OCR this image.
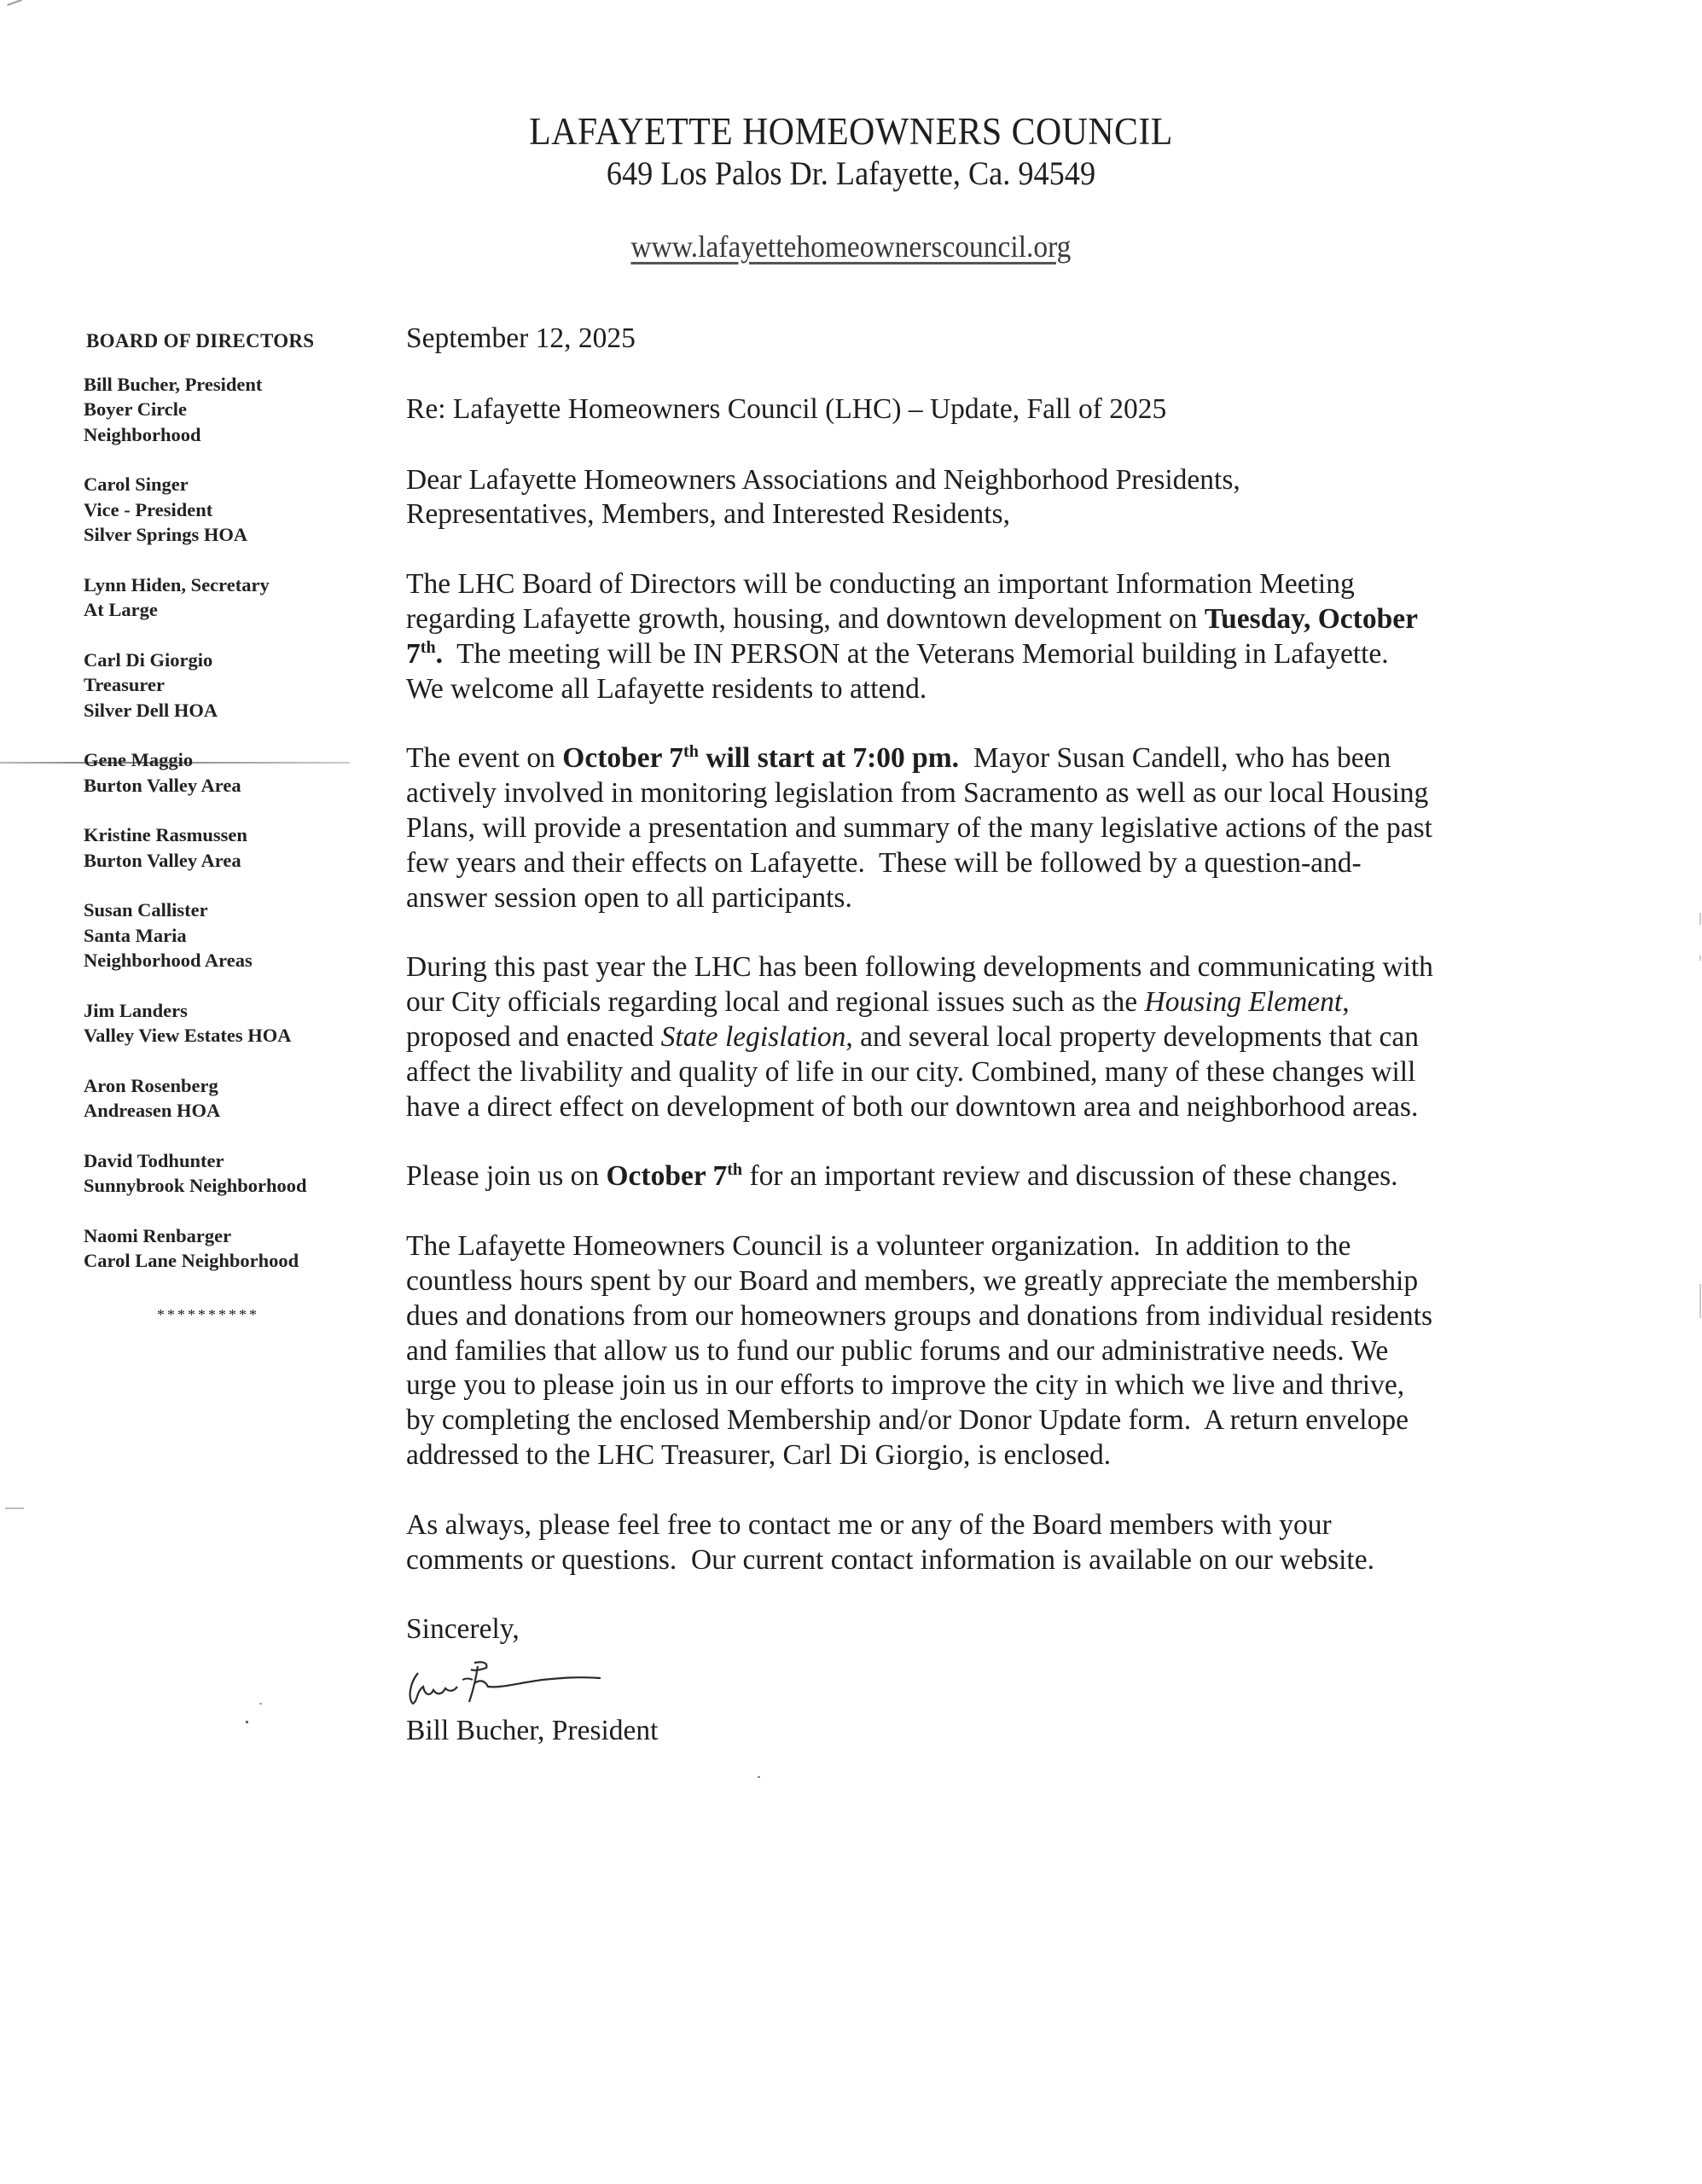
LAFAYETTE HOMEOWNERS COUNCIL

649 Los Palos Dr. Lafayette, Ca. 94549

www.lafayettehomeownerscouncil.org
BOARD OF DIRECTORS
Bill Bucher, President
Boyer Circle
Neighborhood
Carol Singer
Vice - President
Silver Springs HOA
Lynn Hiden, Secretary
At Large
Carl Di Giorgio
Treasurer
Silver Dell HOA
Gene Maggio
Burton Valley Area
Kristine Rasmussen
Burton Valley Area
Susan Callister
Santa Maria
Neighborhood Areas
Jim Landers
Valley View Estates HOA
Aron Rosenberg
Andreasen HOA
David Todhunter
Sunnybrook Neighborhood
Naomi Renbarger
Carol Lane Neighborhood
**********

September 12, 2025

Re: Lafayette Homeowners Council (LHC) – Update, Fall of 2025

Dear Lafayette Homeowners Associations and Neighborhood Presidents,
Representatives, Members, and Interested Residents,

The LHC Board of Directors will be conducting an important Information Meeting
regarding Lafayette growth, housing, and downtown development on Tuesday, October
7th.  The meeting will be IN PERSON at the Veterans Memorial building in Lafayette.
We welcome all Lafayette residents to attend.

The event on October 7th will start at 7:00 pm.  Mayor Susan Candell, who has been
actively involved in monitoring legislation from Sacramento as well as our local Housing
Plans, will provide a presentation and summary of the many legislative actions of the past
few years and their effects on Lafayette.  These will be followed by a question-and-
answer session open to all participants.

During this past year the LHC has been following developments and communicating with
our City officials regarding local and regional issues such as the Housing Element,
proposed and enacted State legislation, and several local property developments that can
affect the livability and quality of life in our city. Combined, many of these changes will
have a direct effect on development of both our downtown area and neighborhood areas.

Please join us on October 7th for an important review and discussion of these changes.

The Lafayette Homeowners Council is a volunteer organization.  In addition to the
countless hours spent by our Board and members, we greatly appreciate the membership
dues and donations from our homeowners groups and donations from individual residents
and families that allow us to fund our public forums and our administrative needs. We
urge you to please join us in our efforts to improve the city in which we live and thrive,
by completing the enclosed Membership and/or Donor Update form.  A return envelope
addressed to the LHC Treasurer, Carl Di Giorgio, is enclosed.

As always, please feel free to contact me or any of the Board members with your
comments or questions.  Our current contact information is available on our website.

Sincerely,

Bill Bucher, President
